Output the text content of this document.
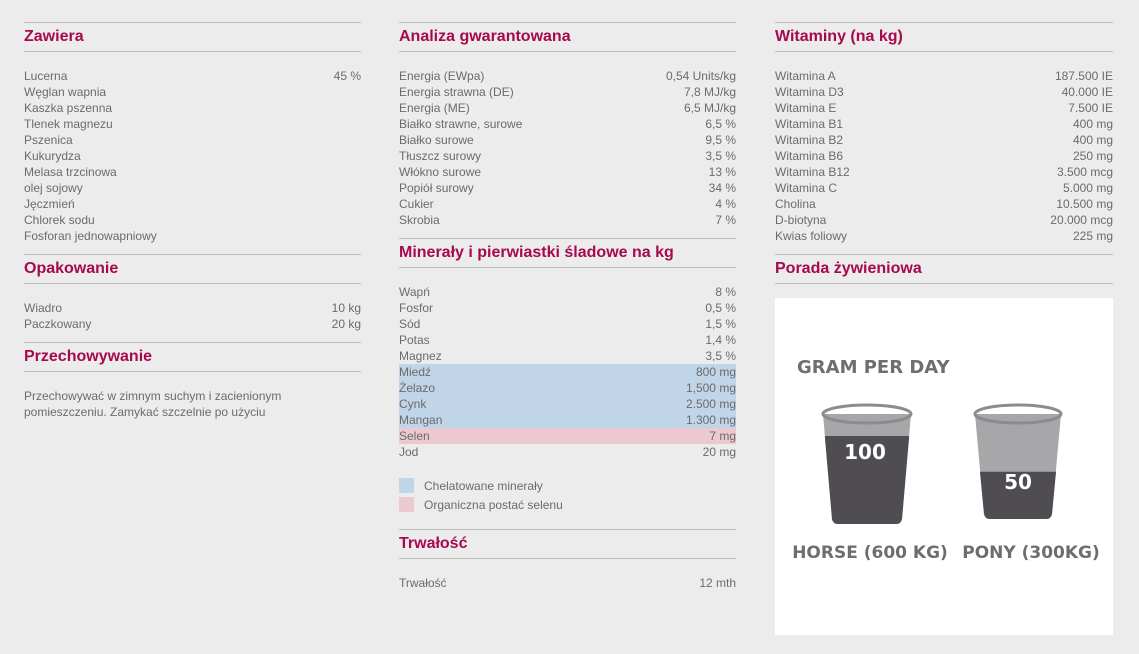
Zawiera
Lucerna	45 %
Węglan wapnia
Kaszka pszenna
Tlenek magnezu
Pszenica
Kukurydza
Melasa trzcinowa
olej sojowy
Jęczmień
Chlorek sodu
Fosforan jednowapniowy
Opakowanie
Wiadro	10 kg
Paczkowany	20 kg
Przechowywanie
Przechowywać w zimnym suchym i zacienionym pomieszczeniu. Zamykać szczelnie po użyciu
Analiza gwarantowana
Energia (EWpa)	0,54 Units/kg
Energia strawna (DE)	7,8 MJ/kg
Energia (ME)	6,5 MJ/kg
Białko strawne, surowe	6,5 %
Białko surowe	9,5 %
Tłuszcz surowy	3,5 %
Włókno surowe	13 %
Popiół surowy	34 %
Cukier	4 %
Skrobia	7 %
Minerały i pierwiastki śladowe na kg
Wapń	8 %
Fosfor	0,5 %
Sód	1,5 %
Potas	1,4 %
Magnez	3,5 %
Miedź	800 mg
Żelazo	1,500 mg
Cynk	2.500 mg
Mangan	1.300 mg
Selen	7 mg
Jod	20 mg
Chelatowane minerały
Organiczna postać selenu
Trwałość
Trwałość	12 mth
Witaminy (na kg)
Witamina A	187.500 IE
Witamina D3	40.000 IE
Witamina E	7.500 IE
Witamina B1	400 mg
Witamina B2	400 mg
Witamina B6	250 mg
Witamina B12	3.500 mcg
Witamina C	5.000 mg
Cholina	10.500 mg
D-biotyna	20.000 mcg
Kwias foliowy	225 mg
Porada żywieniowa
GRAM PER DAY
100
HORSE (600 KG)
50
PONY (300KG)
